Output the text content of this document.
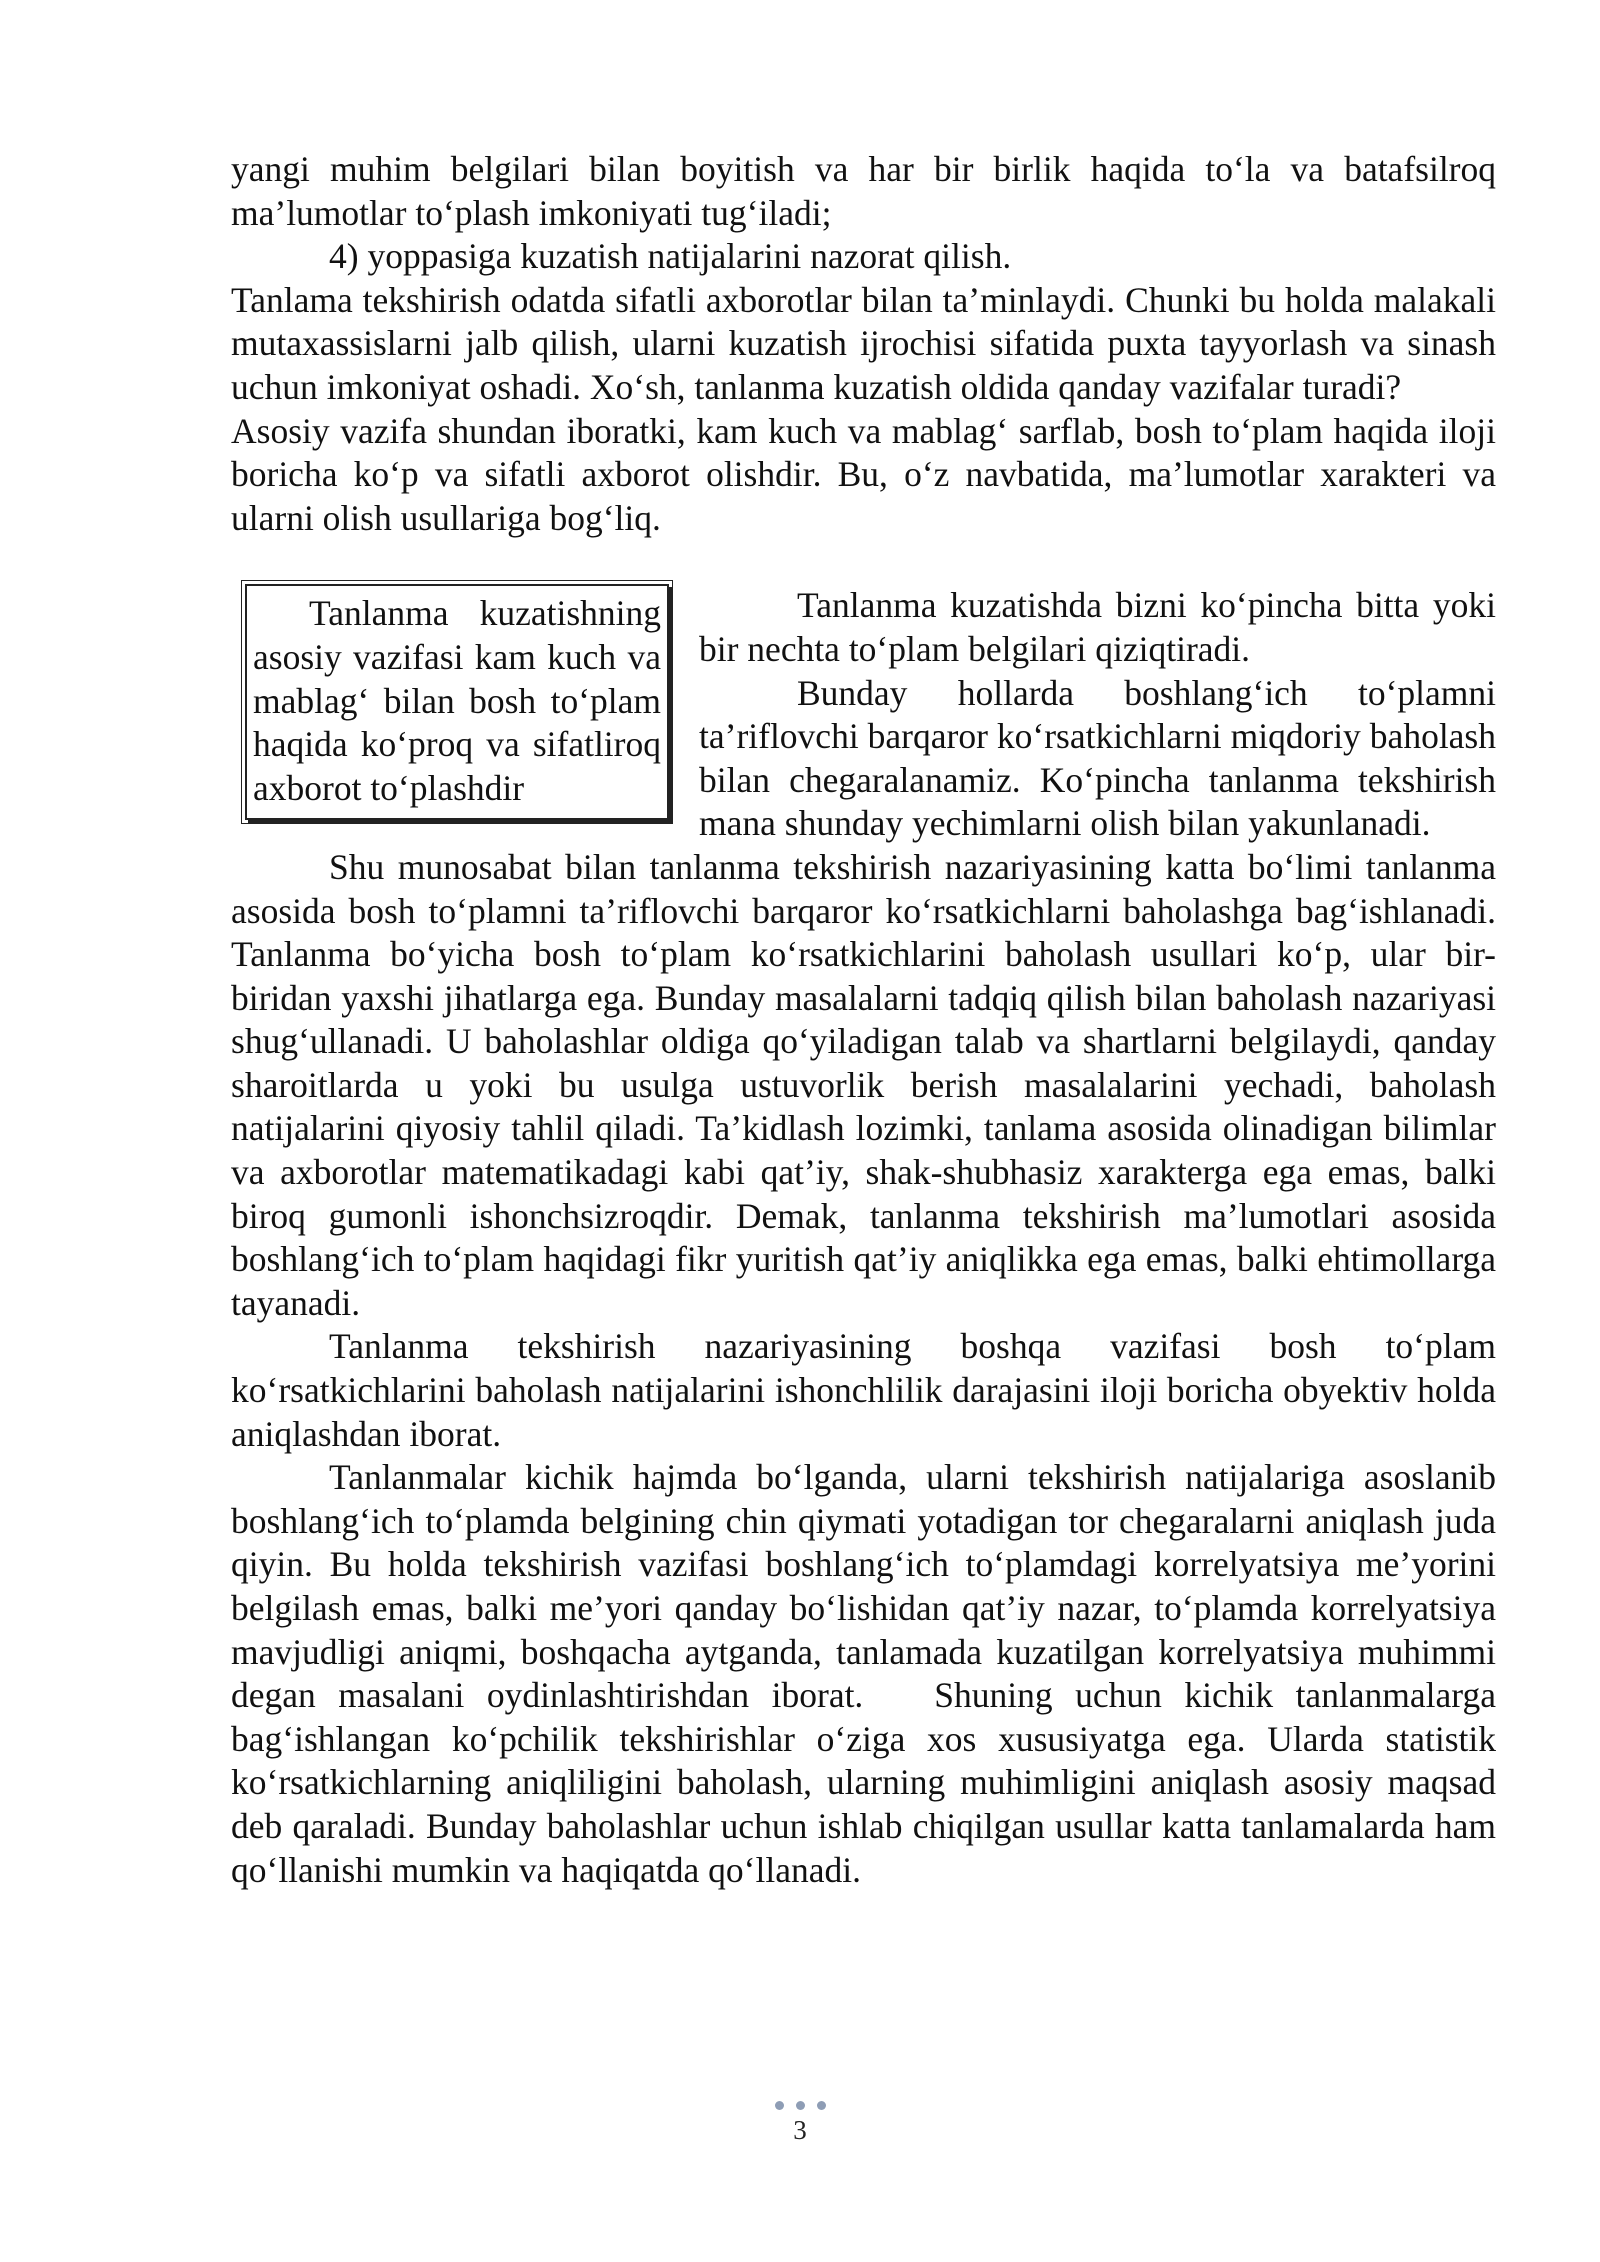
yangi muhim belgilari bilan boyitish va har bir birlik haqida to‘la va batafsilroq ma’lumotlar to‘plash imkoniyati tug‘iladi;

4) yoppasiga kuzatish natijalarini nazorat qilish.

Tanlama tekshirish odatda sifatli axborotlar bilan ta’minlaydi. Chunki bu holda malakali mutaxassislarni jalb qilish, ularni kuzatish ijrochisi sifatida puxta tayyorlash va sinash uchun imkoniyat oshadi. Xo‘sh, tanlanma kuzatish oldida qanday vazifalar turadi?

Asosiy vazifa shundan iboratki, kam kuch va mablag‘ sarflab, bosh to‘plam haqida iloji boricha ko‘p va sifatli axborot olishdir. Bu, o‘z navbatida, ma’lumotlar xarakteri va ularni olish usullariga bog‘liq.

Tanlanma kuzatishning asosiy vazifasi kam kuch va mablag‘ bilan bosh to‘plam haqida ko‘proq va sifatliroq axborot to‘plashdir

Tanlanma kuzatishda bizni ko‘pincha bitta yoki bir nechta to‘plam belgilari qiziqtiradi.

Bunday hollarda boshlang‘ich to‘plamni ta’riflovchi barqaror ko‘rsatkichlarni miqdoriy baholash bilan chegaralanamiz. Ko‘pincha tanlanma tekshirish mana shunday yechimlarni olish bilan yakunlanadi.

Shu munosabat bilan tanlanma tekshirish nazariyasining katta bo‘limi tanlanma asosida bosh to‘plamni ta’riflovchi barqaror ko‘rsatkichlarni baholashga bag‘ishlanadi. Tanlanma bo‘yicha bosh to‘plam ko‘rsatkichlarini baholash usullari ko‘p, ular bir-biridan yaxshi jihatlarga ega. Bunday masalalarni tadqiq qilish bilan baholash nazariyasi shug‘ullanadi. U baholashlar oldiga qo‘yiladigan talab va shartlarni belgilaydi, qanday sharoitlarda u yoki bu usulga ustuvorlik berish masalalarini yechadi, baholash natijalarini qiyosiy tahlil qiladi. Ta’kidlash lozimki, tanlama asosida olinadigan bilimlar va axborotlar matematikadagi kabi qat’iy, shak-shubhasiz xarakterga ega emas, balki biroq gumonli ishonchsizroqdir. Demak, tanlanma tekshirish ma’lumotlari asosida boshlang‘ich to‘plam haqidagi fikr yuritish qat’iy aniqlikka ega emas, balki ehtimollarga tayanadi.

Tanlanma tekshirish nazariyasining boshqa vazifasi bosh to‘plam ko‘rsatkichlarini baholash natijalarini ishonchlilik darajasini iloji boricha obyektiv holda aniqlashdan iborat.

Tanlanmalar kichik hajmda bo‘lganda, ularni tekshirish natijalariga asoslanib boshlang‘ich to‘plamda belgining chin qiymati yotadigan tor chegaralarni aniqlash juda qiyin. Bu holda tekshirish vazifasi boshlang‘ich to‘plamdagi korrelyatsiya me’yorini belgilash emas, balki me’yori qanday bo‘lishidan qat’iy nazar, to‘plamda korrelyatsiya mavjudligi aniqmi, boshqacha aytganda, tanlamada kuzatilgan korrelyatsiya muhimmi degan masalani oydinlashtirishdan iborat.  Shuning uchun kichik tanlanmalarga bag‘ishlangan ko‘pchilik tekshirishlar o‘ziga xos xususiyatga ega. Ularda statistik ko‘rsatkichlarning aniqliligini baholash, ularning muhimligini aniqlash asosiy maqsad deb qaraladi. Bunday baholashlar uchun ishlab chiqilgan usullar katta tanlamalarda ham qo‘llanishi mumkin va haqiqatda qo‘llanadi.

3
